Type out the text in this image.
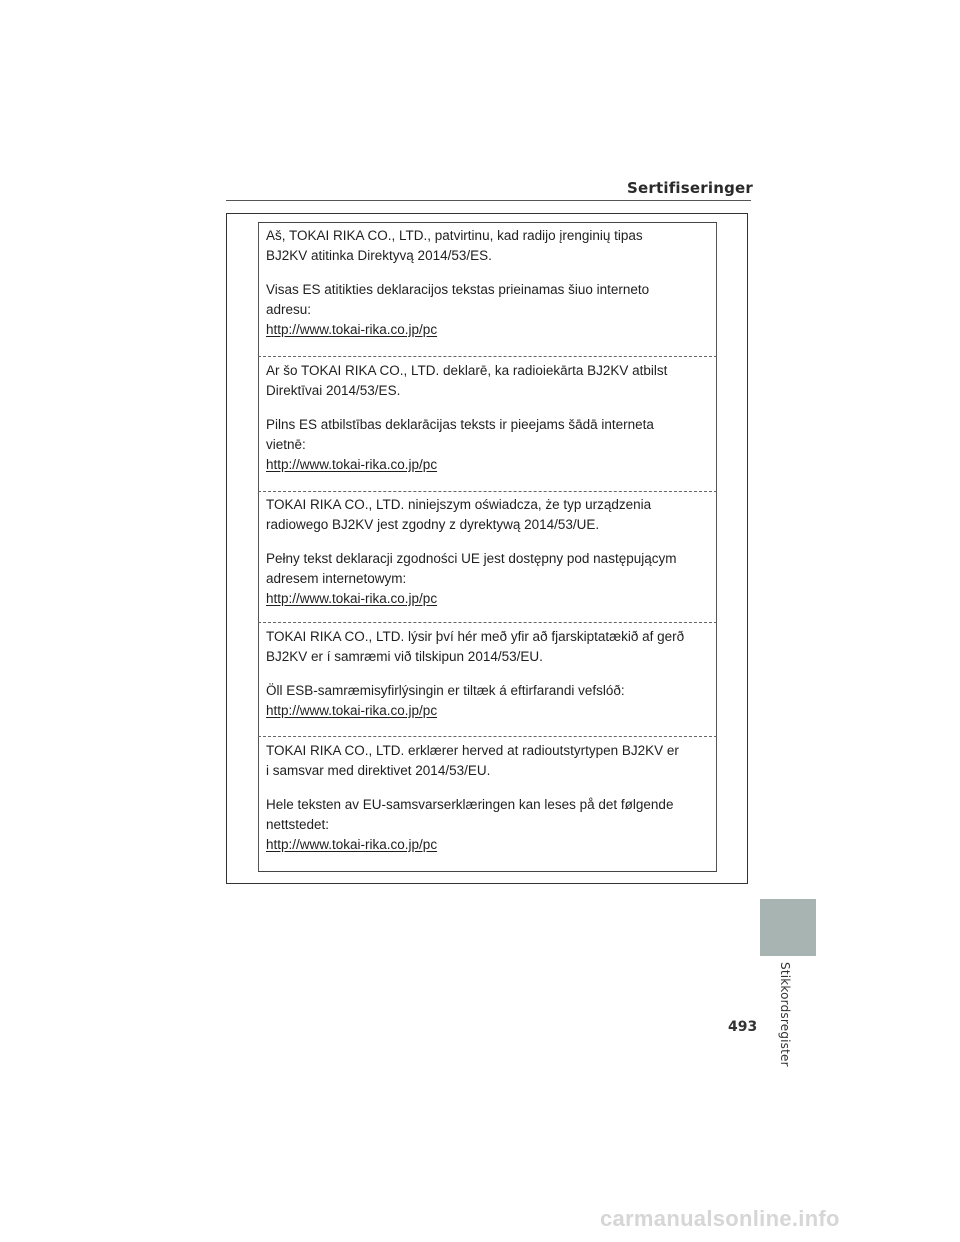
Sertifiseringer

Aš, TOKAI RIKA CO., LTD., patvirtinu, kad radijo įrenginių tipas

BJ2KV atitinka Direktyvą 2014/53/ES.

Visas ES atitikties deklaracijos tekstas prieinamas šiuo interneto

adresu:

http://www.tokai-rika.co.jp/pc

Ar šo TOKAI RIKA CO., LTD. deklarē, ka radioiekārta BJ2KV atbilst

Direktīvai 2014/53/ES.

Pilns ES atbilstības deklarācijas teksts ir pieejams šādā interneta

vietnē:

http://www.tokai-rika.co.jp/pc

TOKAI RIKA CO., LTD. niniejszym oświadcza, że typ urządzenia

radiowego BJ2KV jest zgodny z dyrektywą 2014/53/UE.

Pełny tekst deklaracji zgodności UE jest dostępny pod następującym

adresem internetowym:

http://www.tokai-rika.co.jp/pc

TOKAI RIKA CO., LTD. lýsir því hér með yfir að fjarskiptatækið af gerð

BJ2KV er í samræmi við tilskipun 2014/53/EU.

Öll ESB-samræmisyfirlýsingin er tiltæk á eftirfarandi vefslóð:

http://www.tokai-rika.co.jp/pc

TOKAI RIKA CO., LTD. erklærer herved at radioutstyrtypen BJ2KV er

i samsvar med direktivet 2014/53/EU.

Hele teksten av EU-samsvarserklæringen kan leses på det følgende

nettstedet:

http://www.tokai-rika.co.jp/pc

Stikkordsregister
493
carmanualsonline.info
